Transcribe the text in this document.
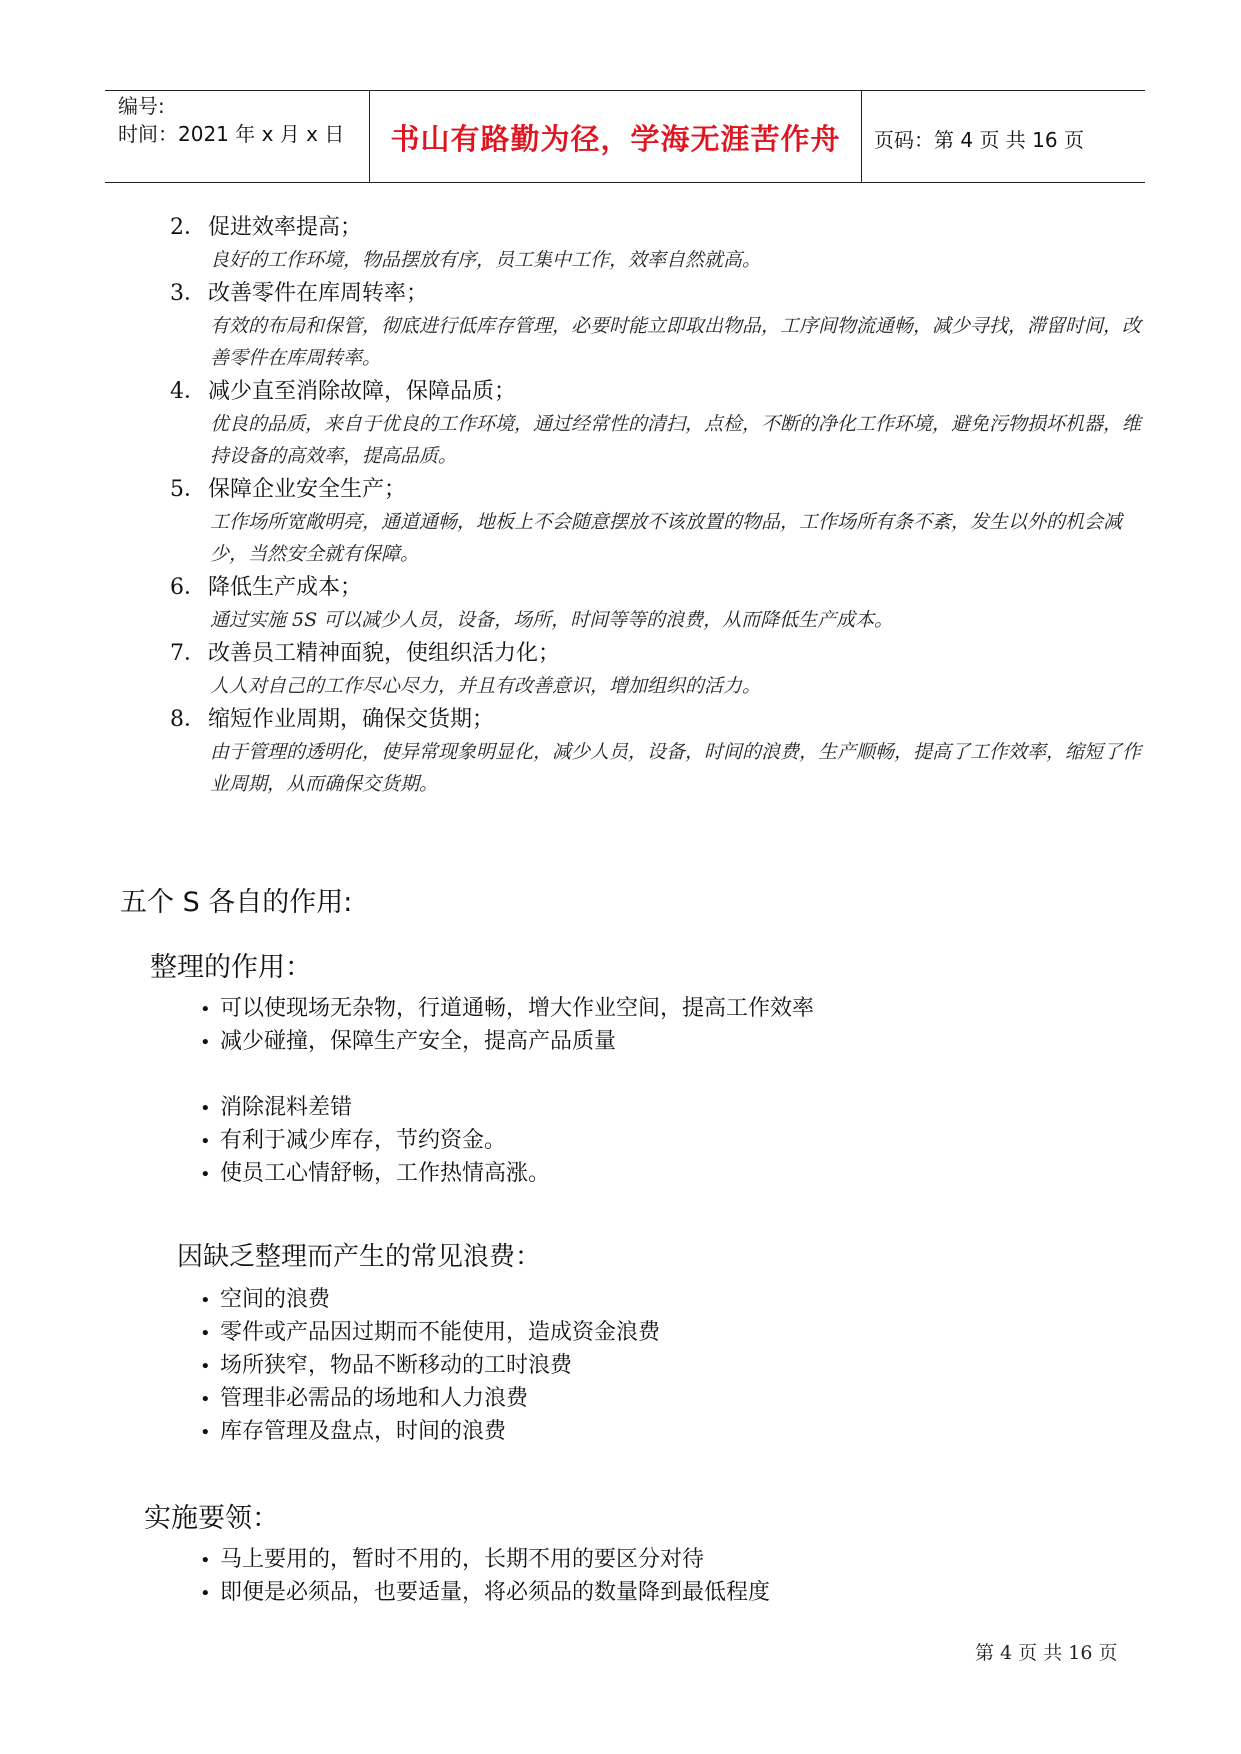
编号:
时间：2021 年 x 月 x 日	书山有路勤为径，学海无涯苦作舟	页码：第 4 页 共 16 页
2．促进效率提高；
良好的工作环境，物品摆放有序，员工集中工作，效率自然就高。
3．改善零件在库周转率；
有效的布局和保管，彻底进行低库存管理，必要时能立即取出物品，工序间物流通畅，减少寻找，滞留时间，改善零件在库周转率。
4．减少直至消除故障，保障品质；
优良的品质，来自于优良的工作环境，通过经常性的清扫，点检，不断的净化工作环境，避免污物损坏机器，维持设备的高效率，提高品质。
5．保障企业安全生产；
工作场所宽敞明亮，通道通畅，地板上不会随意摆放不该放置的物品，工作场所有条不紊，发生以外的机会减少，当然安全就有保障。
6．降低生产成本；
通过实施 5S 可以减少人员，设备，场所，时间等等的浪费，从而降低生产成本。
7．改善员工精神面貌，使组织活力化；
人人对自己的工作尽心尽力，并且有改善意识，增加组织的活力。
8．缩短作业周期，确保交货期；
由于管理的透明化，使异常现象明显化，减少人员，设备，时间的浪费，生产顺畅，提高了工作效率，缩短了作业周期，从而确保交货期。
五个 S 各自的作用:
整理的作用：
• 可以使现场无杂物，行道通畅，增大作业空间，提高工作效率
• 减少碰撞，保障生产安全，提高产品质量
• 消除混料差错
• 有利于减少库存，节约资金。
• 使员工心情舒畅，工作热情高涨。
因缺乏整理而产生的常见浪费：
• 空间的浪费
• 零件或产品因过期而不能使用，造成资金浪费
• 场所狭窄，物品不断移动的工时浪费
• 管理非必需品的场地和人力浪费
• 库存管理及盘点，时间的浪费
实施要领：
• 马上要用的，暂时不用的，长期不用的要区分对待
• 即便是必须品，也要适量，将必须品的数量降到最低程度
第 4 页 共 16 页
